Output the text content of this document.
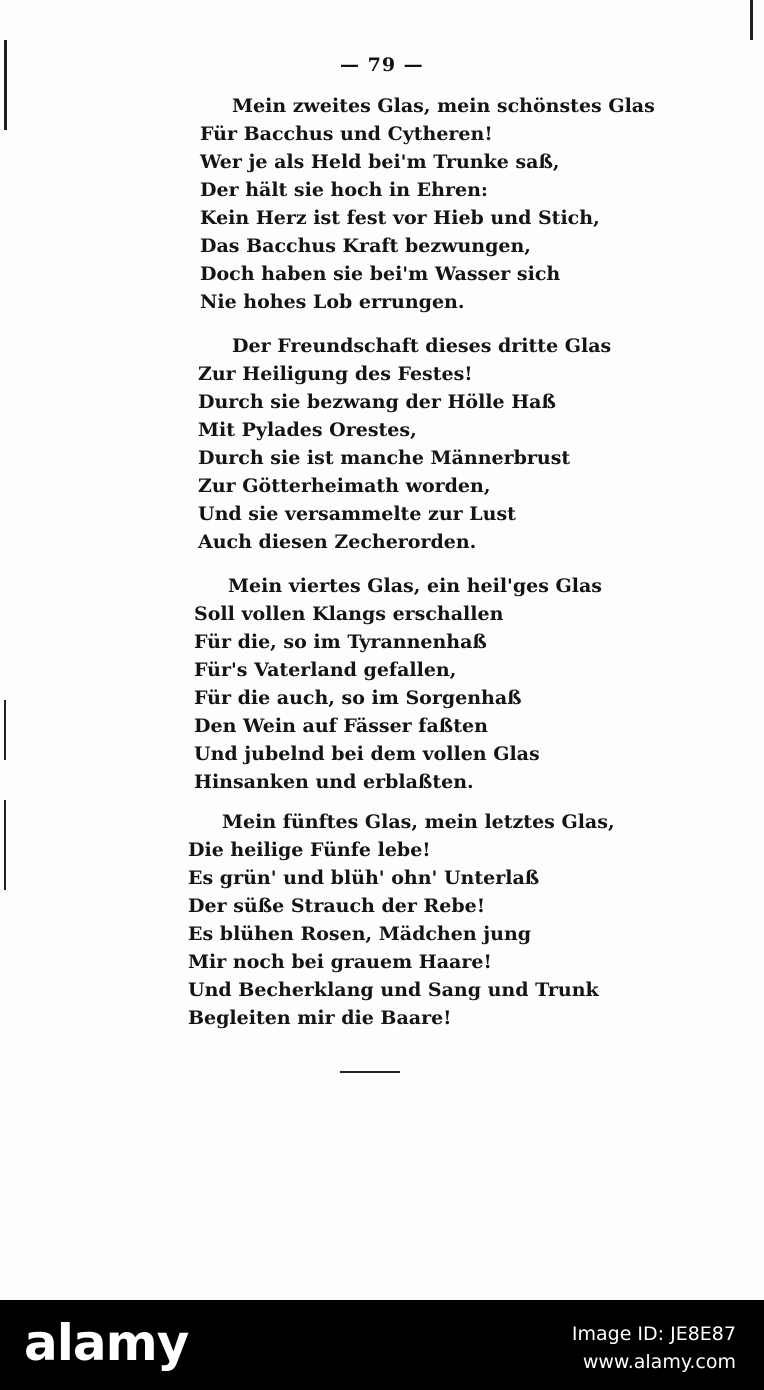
— 79 —
Mein zweites Glas, mein schönstes Glas
Für Bacchus und Cytheren!
Wer je als Held bei'm Trunke saß,
Der hält sie hoch in Ehren:
Kein Herz ist fest vor Hieb und Stich,
Das Bacchus Kraft bezwungen,
Doch haben sie bei'm Wasser sich
Nie hohes Lob errungen.
Der Freundschaft dieses dritte Glas
Zur Heiligung des Festes!
Durch sie bezwang der Hölle Haß
Mit Pylades Orestes,
Durch sie ist manche Männerbrust
Zur Götterheimath worden,
Und sie versammelte zur Lust
Auch diesen Zecherorden.
Mein viertes Glas, ein heil'ges Glas
Soll vollen Klangs erschallen
Für die, so im Tyrannenhaß
Für's Vaterland gefallen,
Für die auch, so im Sorgenhaß
Den Wein auf Fässer faßten
Und jubelnd bei dem vollen Glas
Hinsanken und erblaßten.
Mein fünftes Glas, mein letztes Glas,
Die heilige Fünfe lebe!
Es grün' und blüh' ohn' Unterlaß
Der süße Strauch der Rebe!
Es blühen Rosen, Mädchen jung
Mir noch bei grauem Haare!
Und Becherklang und Sang und Trunk
Begleiten mir die Baare!
alamy	Image ID: JE8E87
www.alamy.com
